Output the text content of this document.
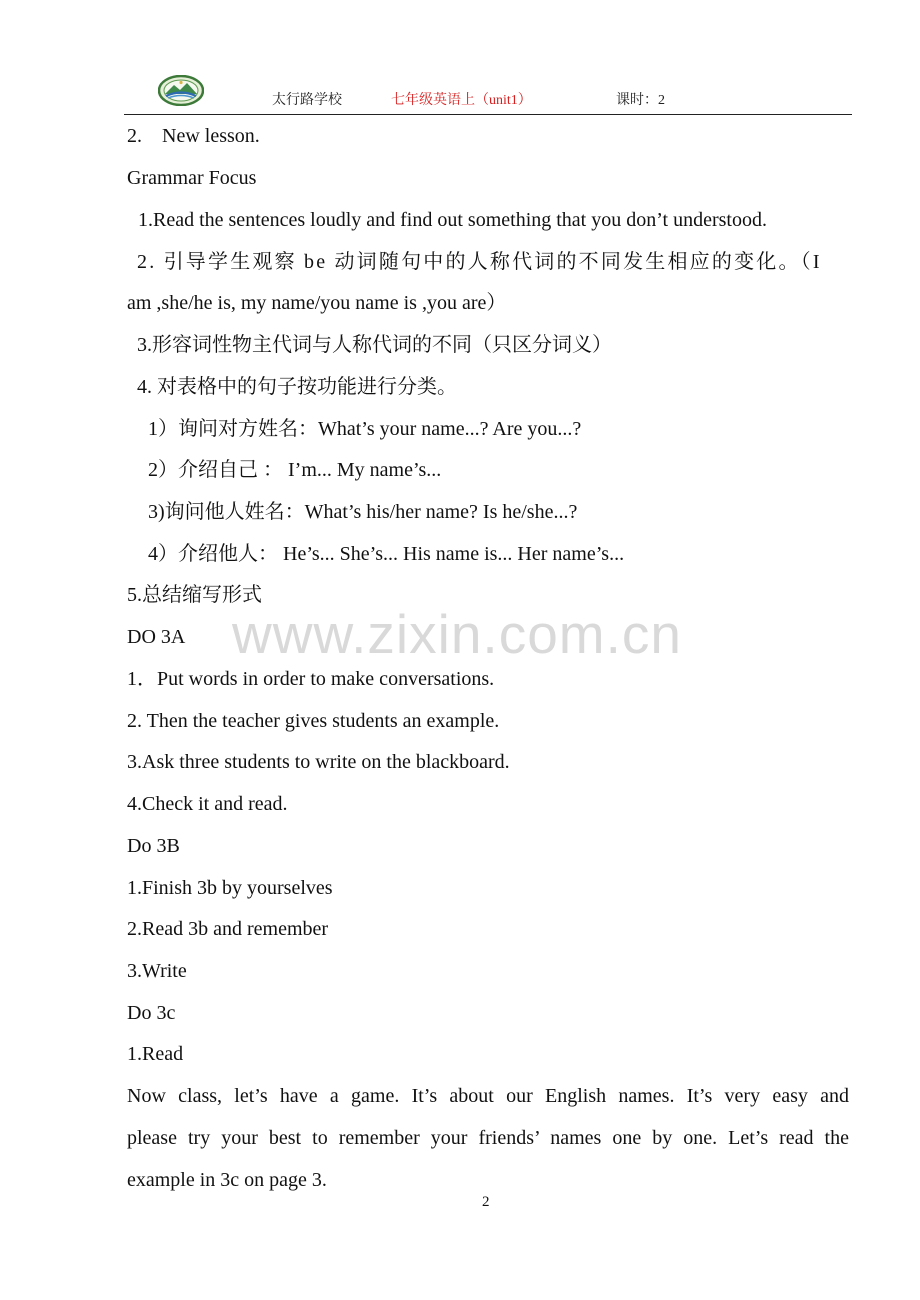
太行路学校	七年级英语上（unit1）	课时：2
www.zixin.com.cn
2.　New lesson.
Grammar Focus
1.Read the sentences loudly and find out something that you don’t understood.
2. 引导学生观察 be 动词随句中的人称代词的不同发生相应的变化。（I
am ,she/he is, my name/you name is ,you are）
3.形容词性物主代词与人称代词的不同（只区分词义）
4. 对表格中的句子按功能进行分类。
1）询问对方姓名：What’s your name...? Are you...?
2）介绍自己 ： I’m... My name’s...
3)询问他人姓名：What’s his/her name? Is he/she...?
4）介绍他人： He’s... She’s... His name is... Her name’s...
5.总结缩写形式
DO 3A
1．Put words in order to make conversations.
2. Then the teacher gives students an example.
3.Ask three students to write on the blackboard.
4.Check it and read.
Do 3B
1.Finish 3b by yourselves
2.Read 3b and remember
3.Write
Do 3c
1.Read
Now class, let’s have a game. It’s about our English names. It’s very easy and
please try your best to remember your friends’ names one by one. Let’s read the
example in 3c on page 3.
2
